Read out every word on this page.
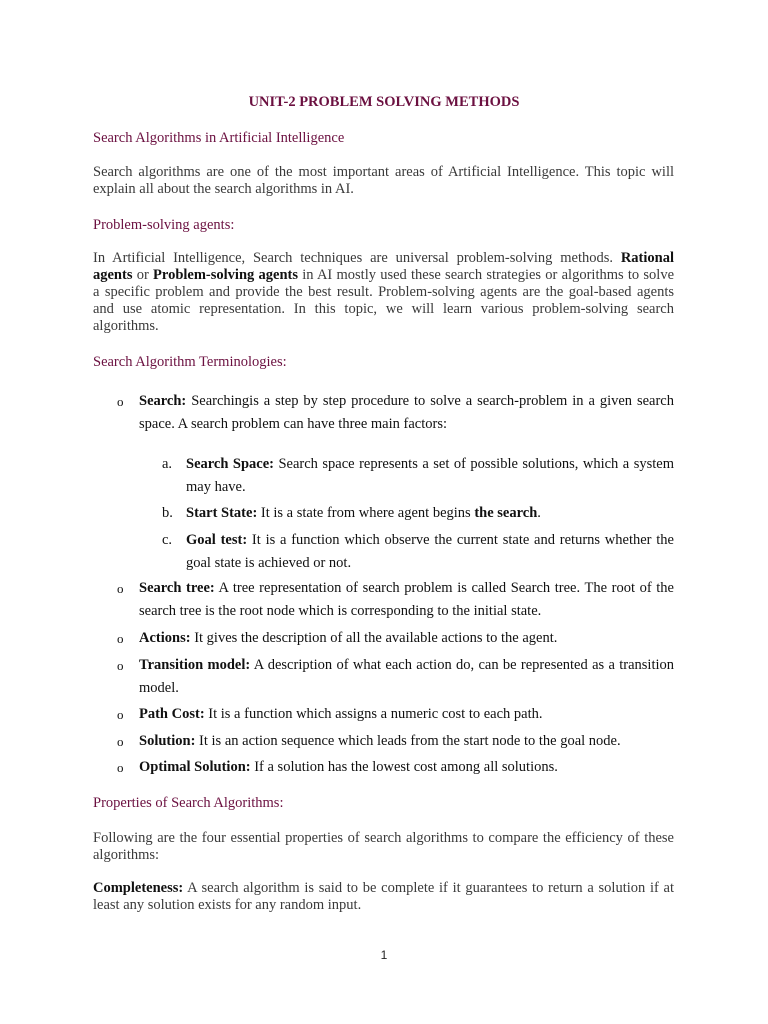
UNIT-2 PROBLEM SOLVING METHODS

Search Algorithms in Artificial Intelligence

Search algorithms are one of the most important areas of Artificial Intelligence. This topic will explain all about the search algorithms in AI.

Problem-solving agents:

In Artificial Intelligence, Search techniques are universal problem-solving methods. Rational agents or Problem-solving agents in AI mostly used these search strategies or algorithms to solve a specific problem and provide the best result. Problem-solving agents are the goal-based agents and use atomic representation. In this topic, we will learn various problem-solving search algorithms.

Search Algorithm Terminologies:

o Search: Searchingis a step by step procedure to solve a search-problem in a given search space. A search problem can have three main factors:
a. Search Space: Search space represents a set of possible solutions, which a system may have.
b. Start State: It is a state from where agent begins the search.
c. Goal test: It is a function which observe the current state and returns whether the goal state is achieved or not.
o Search tree: A tree representation of search problem is called Search tree. The root of the search tree is the root node which is corresponding to the initial state.
o Actions: It gives the description of all the available actions to the agent.
o Transition model: A description of what each action do, can be represented as a transition model.
o Path Cost: It is a function which assigns a numeric cost to each path.
o Solution: It is an action sequence which leads from the start node to the goal node.
o Optimal Solution: If a solution has the lowest cost among all solutions.

Properties of Search Algorithms:

Following are the four essential properties of search algorithms to compare the efficiency of these algorithms:

Completeness: A search algorithm is said to be complete if it guarantees to return a solution if at least any solution exists for any random input.

1
